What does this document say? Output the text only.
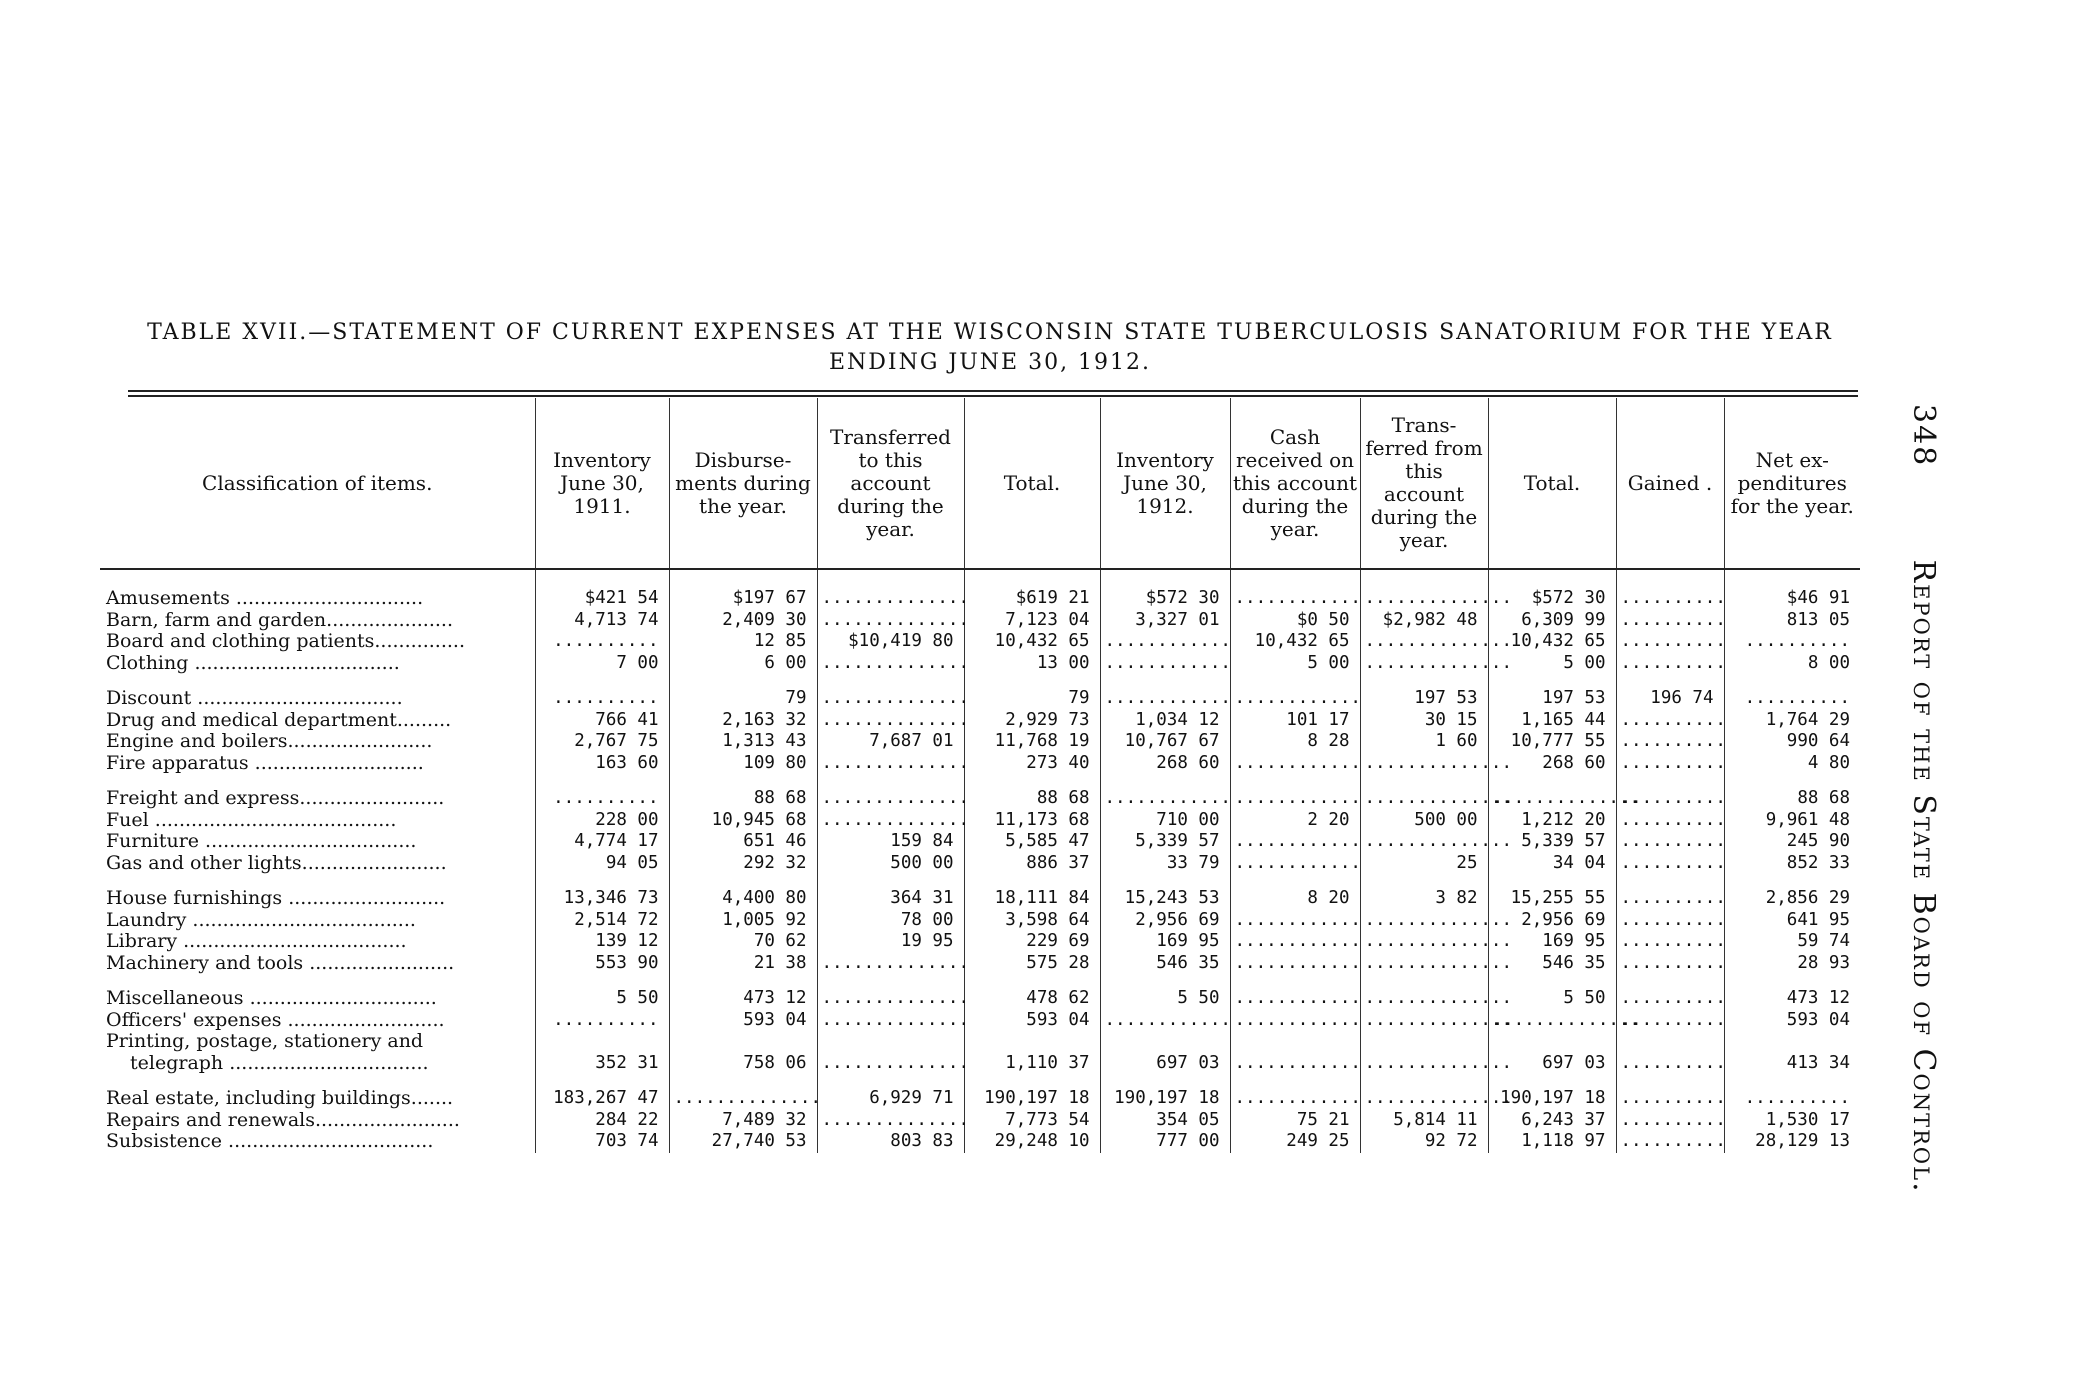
348        Report of the State Board of Control.
TABLE XVII.—STATEMENT OF CURRENT EXPENSES AT THE WISCONSIN STATE TUBERCULOSIS SANATORIUM FOR THE YEAR
ENDING JUNE 30, 1912.
Classification of items.	Inventory June 30, 1911.	Disburse- ments during the year.	Transferred to this account during the year.	Total.	Inventory June 30, 1912.	Cash received on this account during the year.	Trans- ferred from this account during the year.	Total.	Gained .	Net ex- penditures for the year.

Amusements ...............................	$421 54	$197 67	..............	$619 21	$572 30	............	..............	$572 30	..........	$46 91
Barn, farm and garden.....................	4,713 74	2,409 30	..............	7,123 04	3,327 01	$0 50	$2,982 48	6,309 99	..........	813 05
Board and clothing patients...............	..........	12 85	$10,419 80	10,432 65	............	10,432 65	..............	10,432 65	..........	..........
Clothing ..................................	7 00	6 00	..............	13 00	............	5 00	..............	5 00	..........	8 00

Discount ..................................	..........	79	..............	79	............	............	197 53	197 53	196 74	..........
Drug and medical department.........	766 41	2,163 32	..............	2,929 73	1,034 12	101 17	30 15	1,165 44	..........	1,764 29
Engine and boilers........................	2,767 75	1,313 43	7,687 01	11,768 19	10,767 67	8 28	1 60	10,777 55	..........	990 64
Fire apparatus ............................	163 60	109 80	..............	273 40	268 60	............	..............	268 60	..........	4 80

Freight and express........................	..........	88 68	..............	88 68	............	............	..............	..............	..........	88 68
Fuel ........................................	228 00	10,945 68	..............	11,173 68	710 00	2 20	500 00	1,212 20	..........	9,961 48
Furniture ...................................	4,774 17	651 46	159 84	5,585 47	5,339 57	............	..............	5,339 57	..........	245 90
Gas and other lights........................	94 05	292 32	500 00	886 37	33 79	............	25	34 04	..........	852 33

House furnishings ..........................	13,346 73	4,400 80	364 31	18,111 84	15,243 53	8 20	3 82	15,255 55	..........	2,856 29
Laundry .....................................	2,514 72	1,005 92	78 00	3,598 64	2,956 69	............	..............	2,956 69	..........	641 95
Library .....................................	139 12	70 62	19 95	229 69	169 95	............	..............	169 95	..........	59 74
Machinery and tools ........................	553 90	21 38	..............	575 28	546 35	............	..............	546 35	..........	28 93

Miscellaneous ...............................	5 50	473 12	..............	478 62	5 50	............	..............	5 50	..........	473 12
Officers' expenses ..........................	..........	593 04	..............	593 04	............	............	..............	..............	..........	593 04
Printing, postage, stationery and										
telegraph .................................	352 31	758 06	..............	1,110 37	697 03	............	..............	697 03	..........	413 34

Real estate, including buildings.......	183,267 47	..............	6,929 71	190,197 18	190,197 18	............	..............	190,197 18	..........	..........
Repairs and renewals........................	284 22	7,489 32	..............	7,773 54	354 05	75 21	5,814 11	6,243 37	..........	1,530 17
Subsistence ..................................	703 74	27,740 53	803 83	29,248 10	777 00	249 25	92 72	1,118 97	..........	28,129 13
